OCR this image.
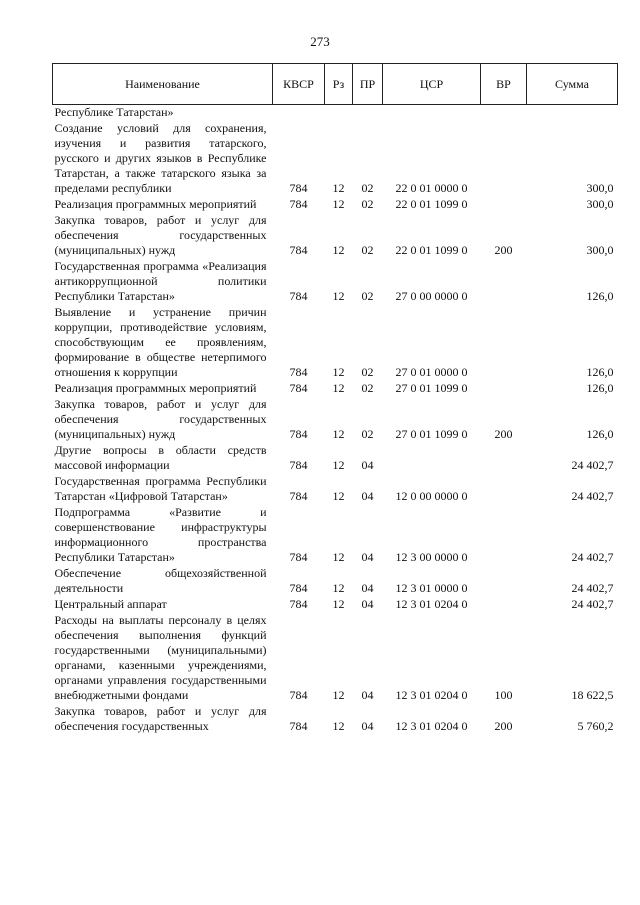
273
Наименование	КВСР	Рз	ПР	ЦСР	ВР	Сумма
Республике Татарстан»						
Создание условий для сохранения, изучения и развития татарского, русского и других языков в Республике Татарстан, а также татарского языка за пределами республики	784	12	02	22 0 01 0000 0		300,0
Реализация программных мероприятий	784	12	02	22 0 01 1099 0		300,0
Закупка товаров, работ и услуг для обеспечения государственных (муниципальных) нужд	784	12	02	22 0 01 1099 0	200	300,0
Государственная программа «Реализация антикоррупционной политики Республики Татарстан»	784	12	02	27 0 00 0000 0		126,0
Выявление и устранение причин коррупции, противодействие условиям, способствующим ее проявлениям, формирование в обществе нетерпимого отношения к коррупции	784	12	02	27 0 01 0000 0		126,0
Реализация программных мероприятий	784	12	02	27 0 01 1099 0		126,0
Закупка товаров, работ и услуг для обеспечения государственных (муниципальных) нужд	784	12	02	27 0 01 1099 0	200	126,0
Другие вопросы в области средств массовой информации	784	12	04			24 402,7
Государственная программа Республики Татарстан «Цифровой Татарстан»	784	12	04	12 0 00 0000 0		24 402,7
Подпрограмма «Развитие и совершенствование инфраструктуры информационного пространства Республики Татарстан»	784	12	04	12 3 00 0000 0		24 402,7
Обеспечение общехозяйственной деятельности	784	12	04	12 3 01 0000 0		24 402,7
Центральный аппарат	784	12	04	12 3 01 0204 0		24 402,7
Расходы на выплаты персоналу в целях обеспечения выполнения функций государственными (муниципальными) органами, казенными учреждениями, органами управления государственными внебюджетными фондами	784	12	04	12 3 01 0204 0	100	18 622,5
Закупка товаров, работ и услуг для обеспечения государственных	784	12	04	12 3 01 0204 0	200	5 760,2
